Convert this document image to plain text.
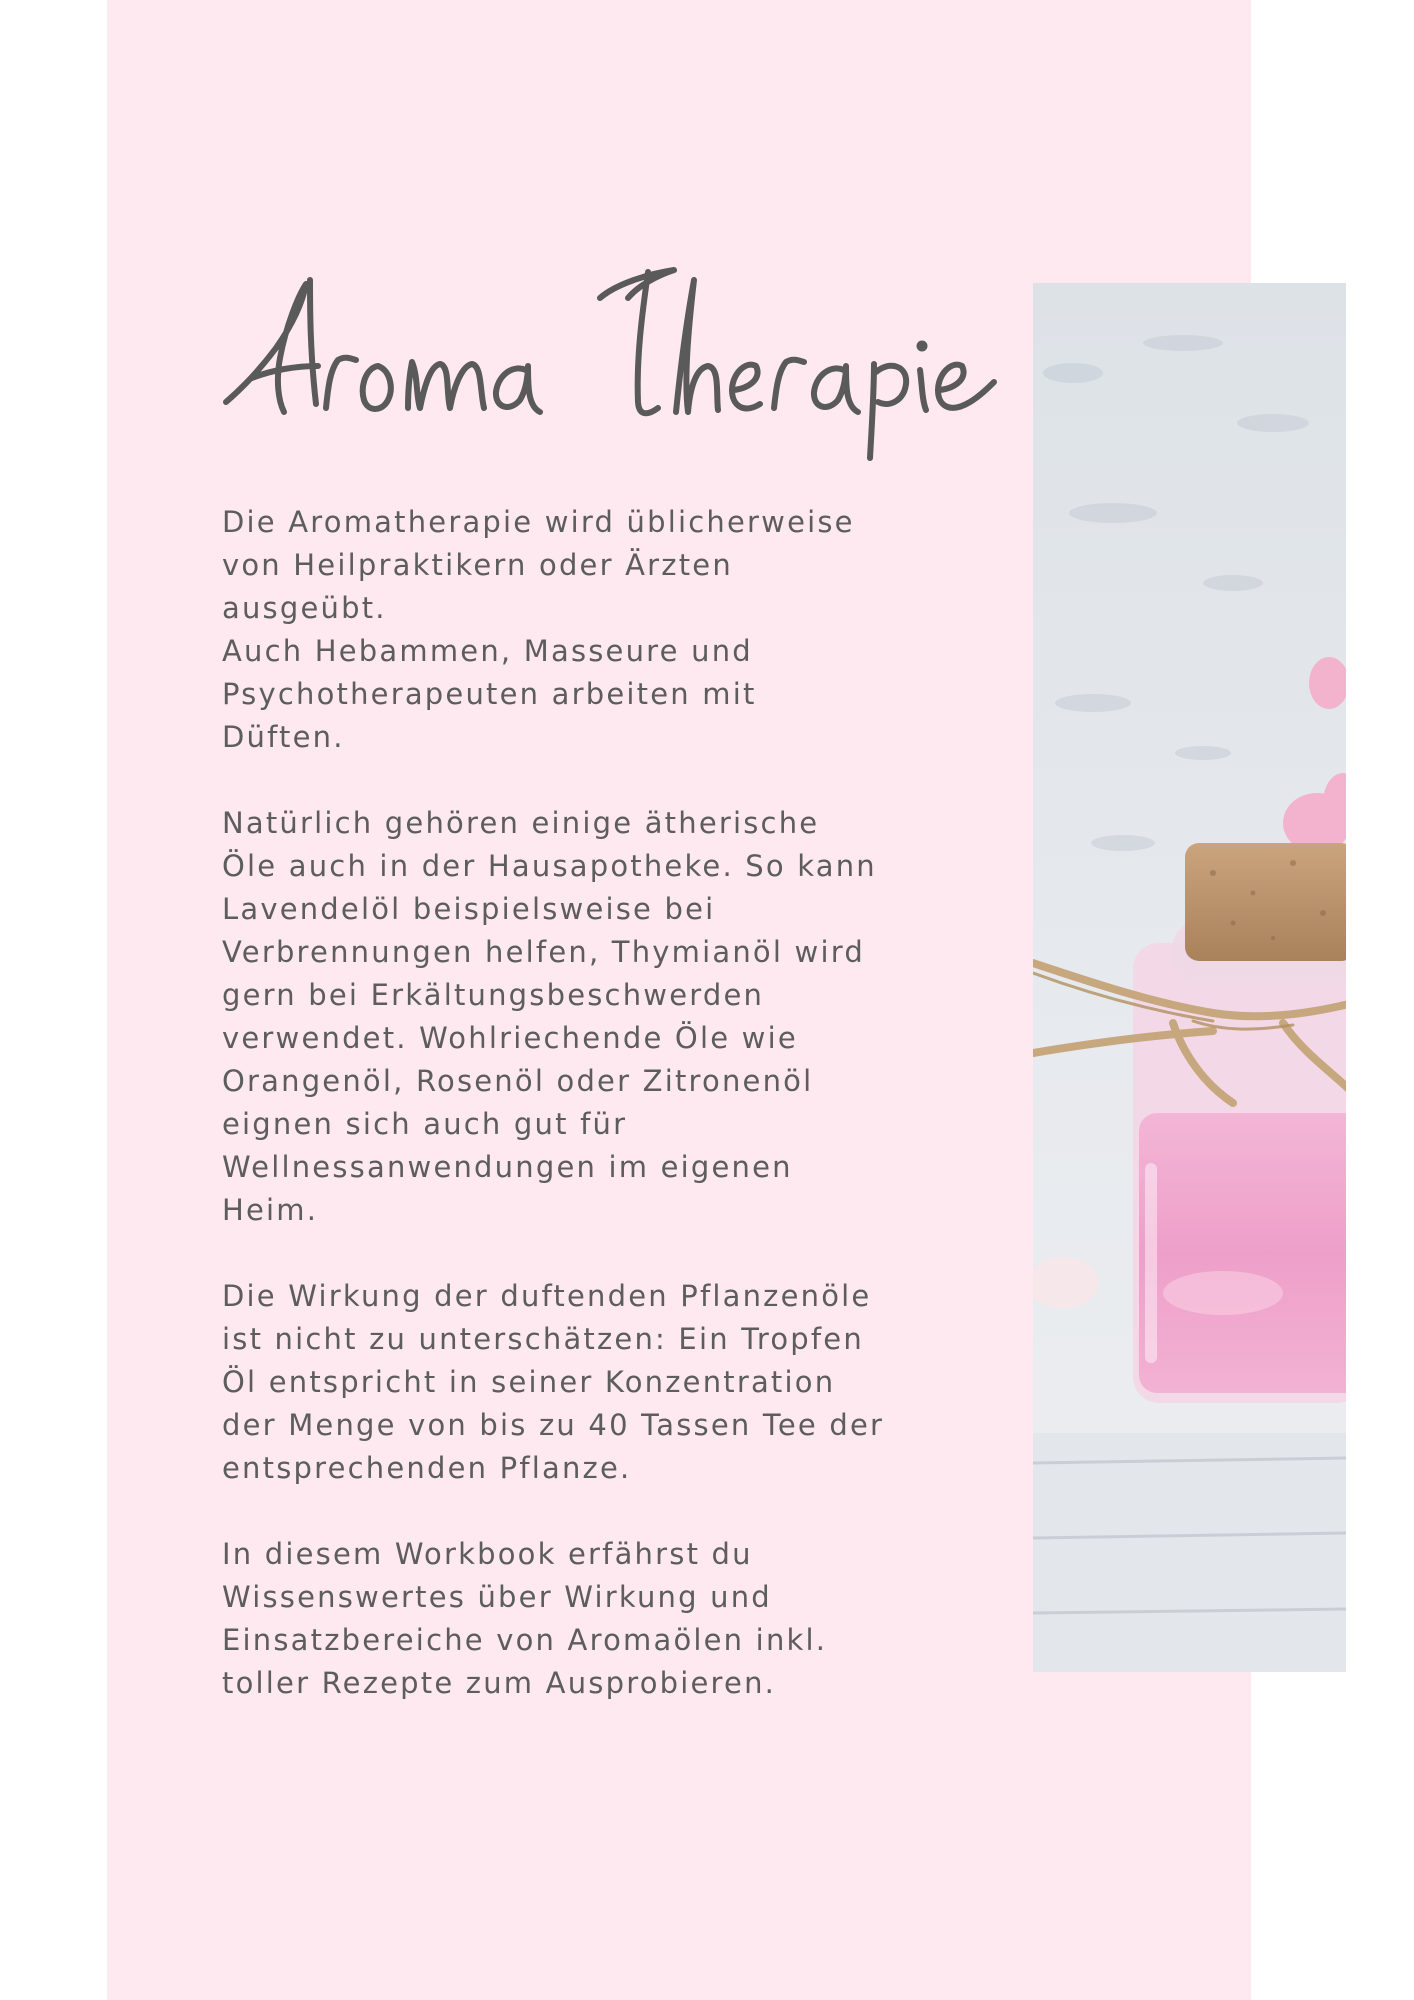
Die Aromatherapie wird üblicherweise
von Heilpraktikern oder Ärzten
ausgeübt.
Auch Hebammen, Masseure und
Psychotherapeuten arbeiten mit
Düften.

Natürlich gehören einige ätherische
Öle auch in der Hausapotheke. So kann
Lavendelöl beispielsweise bei
Verbrennungen helfen, Thymianöl wird
gern bei Erkältungsbeschwerden
verwendet. Wohlriechende Öle wie
Orangenöl, Rosenöl oder Zitronenöl
eignen sich auch gut für
Wellnessanwendungen im eigenen
Heim.

Die Wirkung der duftenden Pflanzenöle
ist nicht zu unterschätzen: Ein Tropfen
Öl entspricht in seiner Konzentration
der Menge von bis zu 40 Tassen Tee der
entsprechenden Pflanze.

In diesem Workbook erfährst du
Wissenswertes über Wirkung und
Einsatzbereiche von Aromaölen inkl.
toller Rezepte zum Ausprobieren.
